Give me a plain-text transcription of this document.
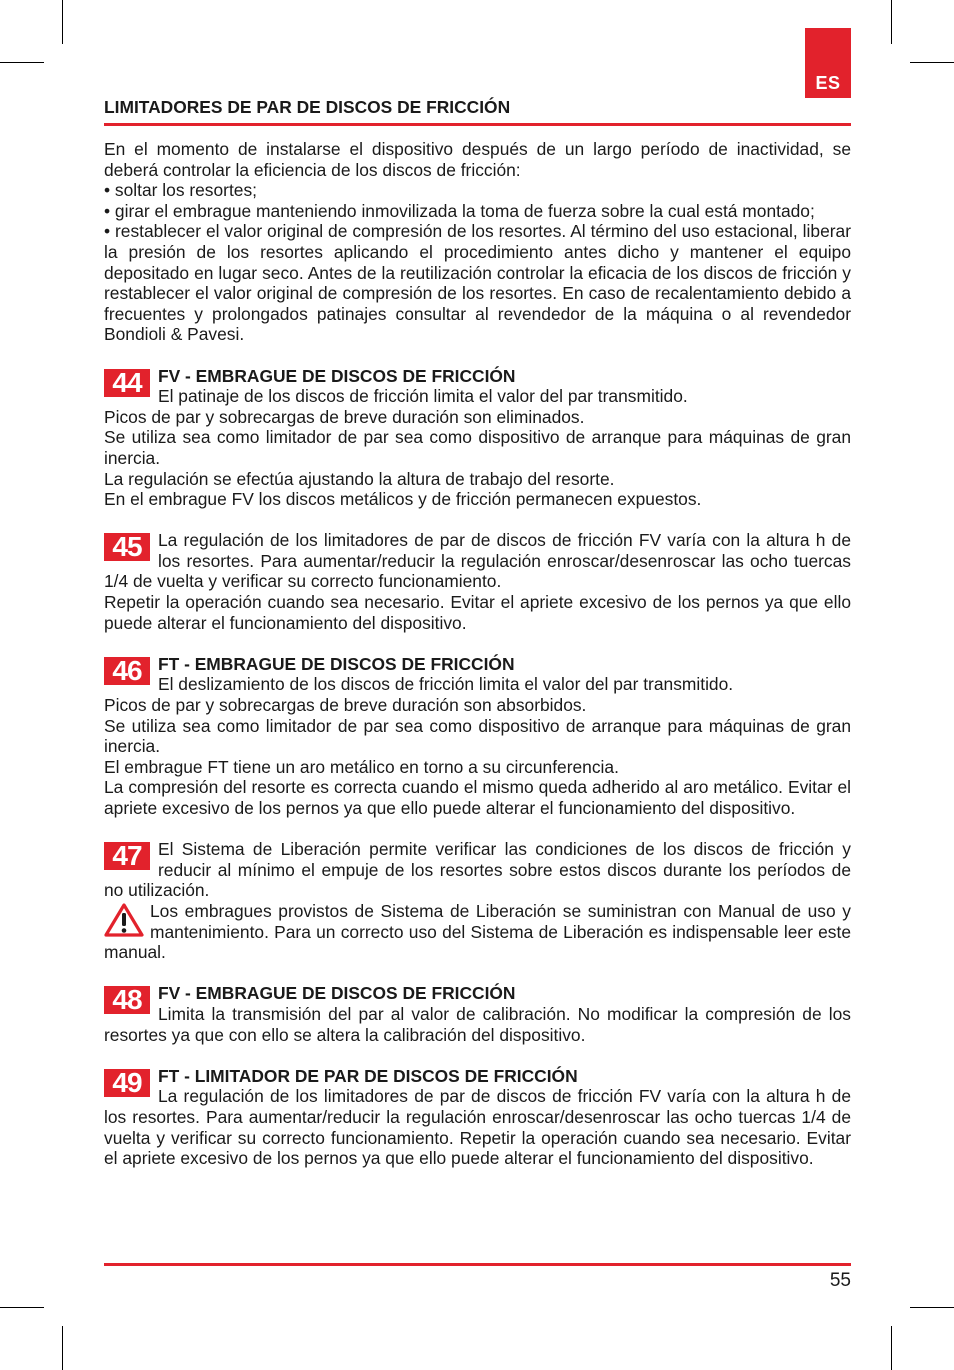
ES
LIMITADORES DE PAR DE DISCOS DE FRICCIÓN

En el momento de instalarse el dispositivo después de un largo período de inactividad, se deberá controlar la eficiencia de los discos de fricción:

• soltar los resortes;

• girar el embrague manteniendo inmovilizada la toma de fuerza sobre la cual está montado;

• restablecer el valor original de compresión de los resortes. Al término del uso estacional, liberar la presión de los resortes aplicando el procedimiento antes dicho y mantener el equipo depositado en lugar seco. Antes de la reutilización controlar la eficacia de los discos de fricción y restablecer el valor original de compresión de los resortes. En caso de recalentamiento debido a frecuentes y prolongados patinajes consultar al revendedor de la máquina o al revendedor Bondioli & Pavesi.

44 FV - EMBRAGUE DE DISCOS DE FRICCIÓN
El patinaje de los discos de fricción limita el valor del par transmitido.

Picos de par y sobrecargas de breve duración son eliminados.

Se utiliza sea como limitador de par sea como dispositivo de arranque para máquinas de gran inercia.

La regulación se efectúa ajustando la altura de trabajo del resorte.

En el embrague FV los discos metálicos y de fricción permanecen expuestos.

45 La regulación de los limitadores de par de discos de fricción FV varía con la altura h de los resortes. Para aumentar/reducir la regulación enroscar/desenroscar las ocho tuercas 1/4 de vuelta y verificar su correcto funcionamiento.

Repetir la operación cuando sea necesario. Evitar el apriete excesivo de los pernos ya que ello puede alterar el funcionamiento del dispositivo.

46 FT - EMBRAGUE DE DISCOS DE FRICCIÓN
El deslizamiento de los discos de fricción limita el valor del par transmitido.

Picos de par y sobrecargas de breve duración son absorbidos.

Se utiliza sea como limitador de par sea como dispositivo de arranque para máquinas de gran inercia.

El embrague FT tiene un aro metálico en torno a su circunferencia.

La compresión del resorte es correcta cuando el mismo queda adherido al aro metálico. Evitar el apriete excesivo de los pernos ya que ello puede alterar el funcionamiento del dispositivo.

47 El Sistema de Liberación permite verificar las condiciones de los discos de fricción y reducir al mínimo el empuje de los resortes sobre estos discos durante los períodos de no utilización.

Los embragues provistos de Sistema de Liberación se suministran con Manual de uso y mantenimiento. Para un correcto uso del Sistema de Liberación es indispensable leer este manual.

48 FV - EMBRAGUE DE DISCOS DE FRICCIÓN
Limita la transmisión del par al valor de calibración. No modificar la compresión de los resortes ya que con ello se altera la calibración del dispositivo.

49 FT - LIMITADOR DE PAR DE DISCOS DE FRICCIÓN
La regulación de los limitadores de par de discos de fricción FV varía con la altura h de los resortes. Para aumentar/reducir la regulación enroscar/desenroscar las ocho tuercas 1/4 de vuelta y verificar su correcto funcionamiento. Repetir la operación cuando sea necesario. Evitar el apriete excesivo de los pernos ya que ello puede alterar el funcionamiento del dispositivo.

55
